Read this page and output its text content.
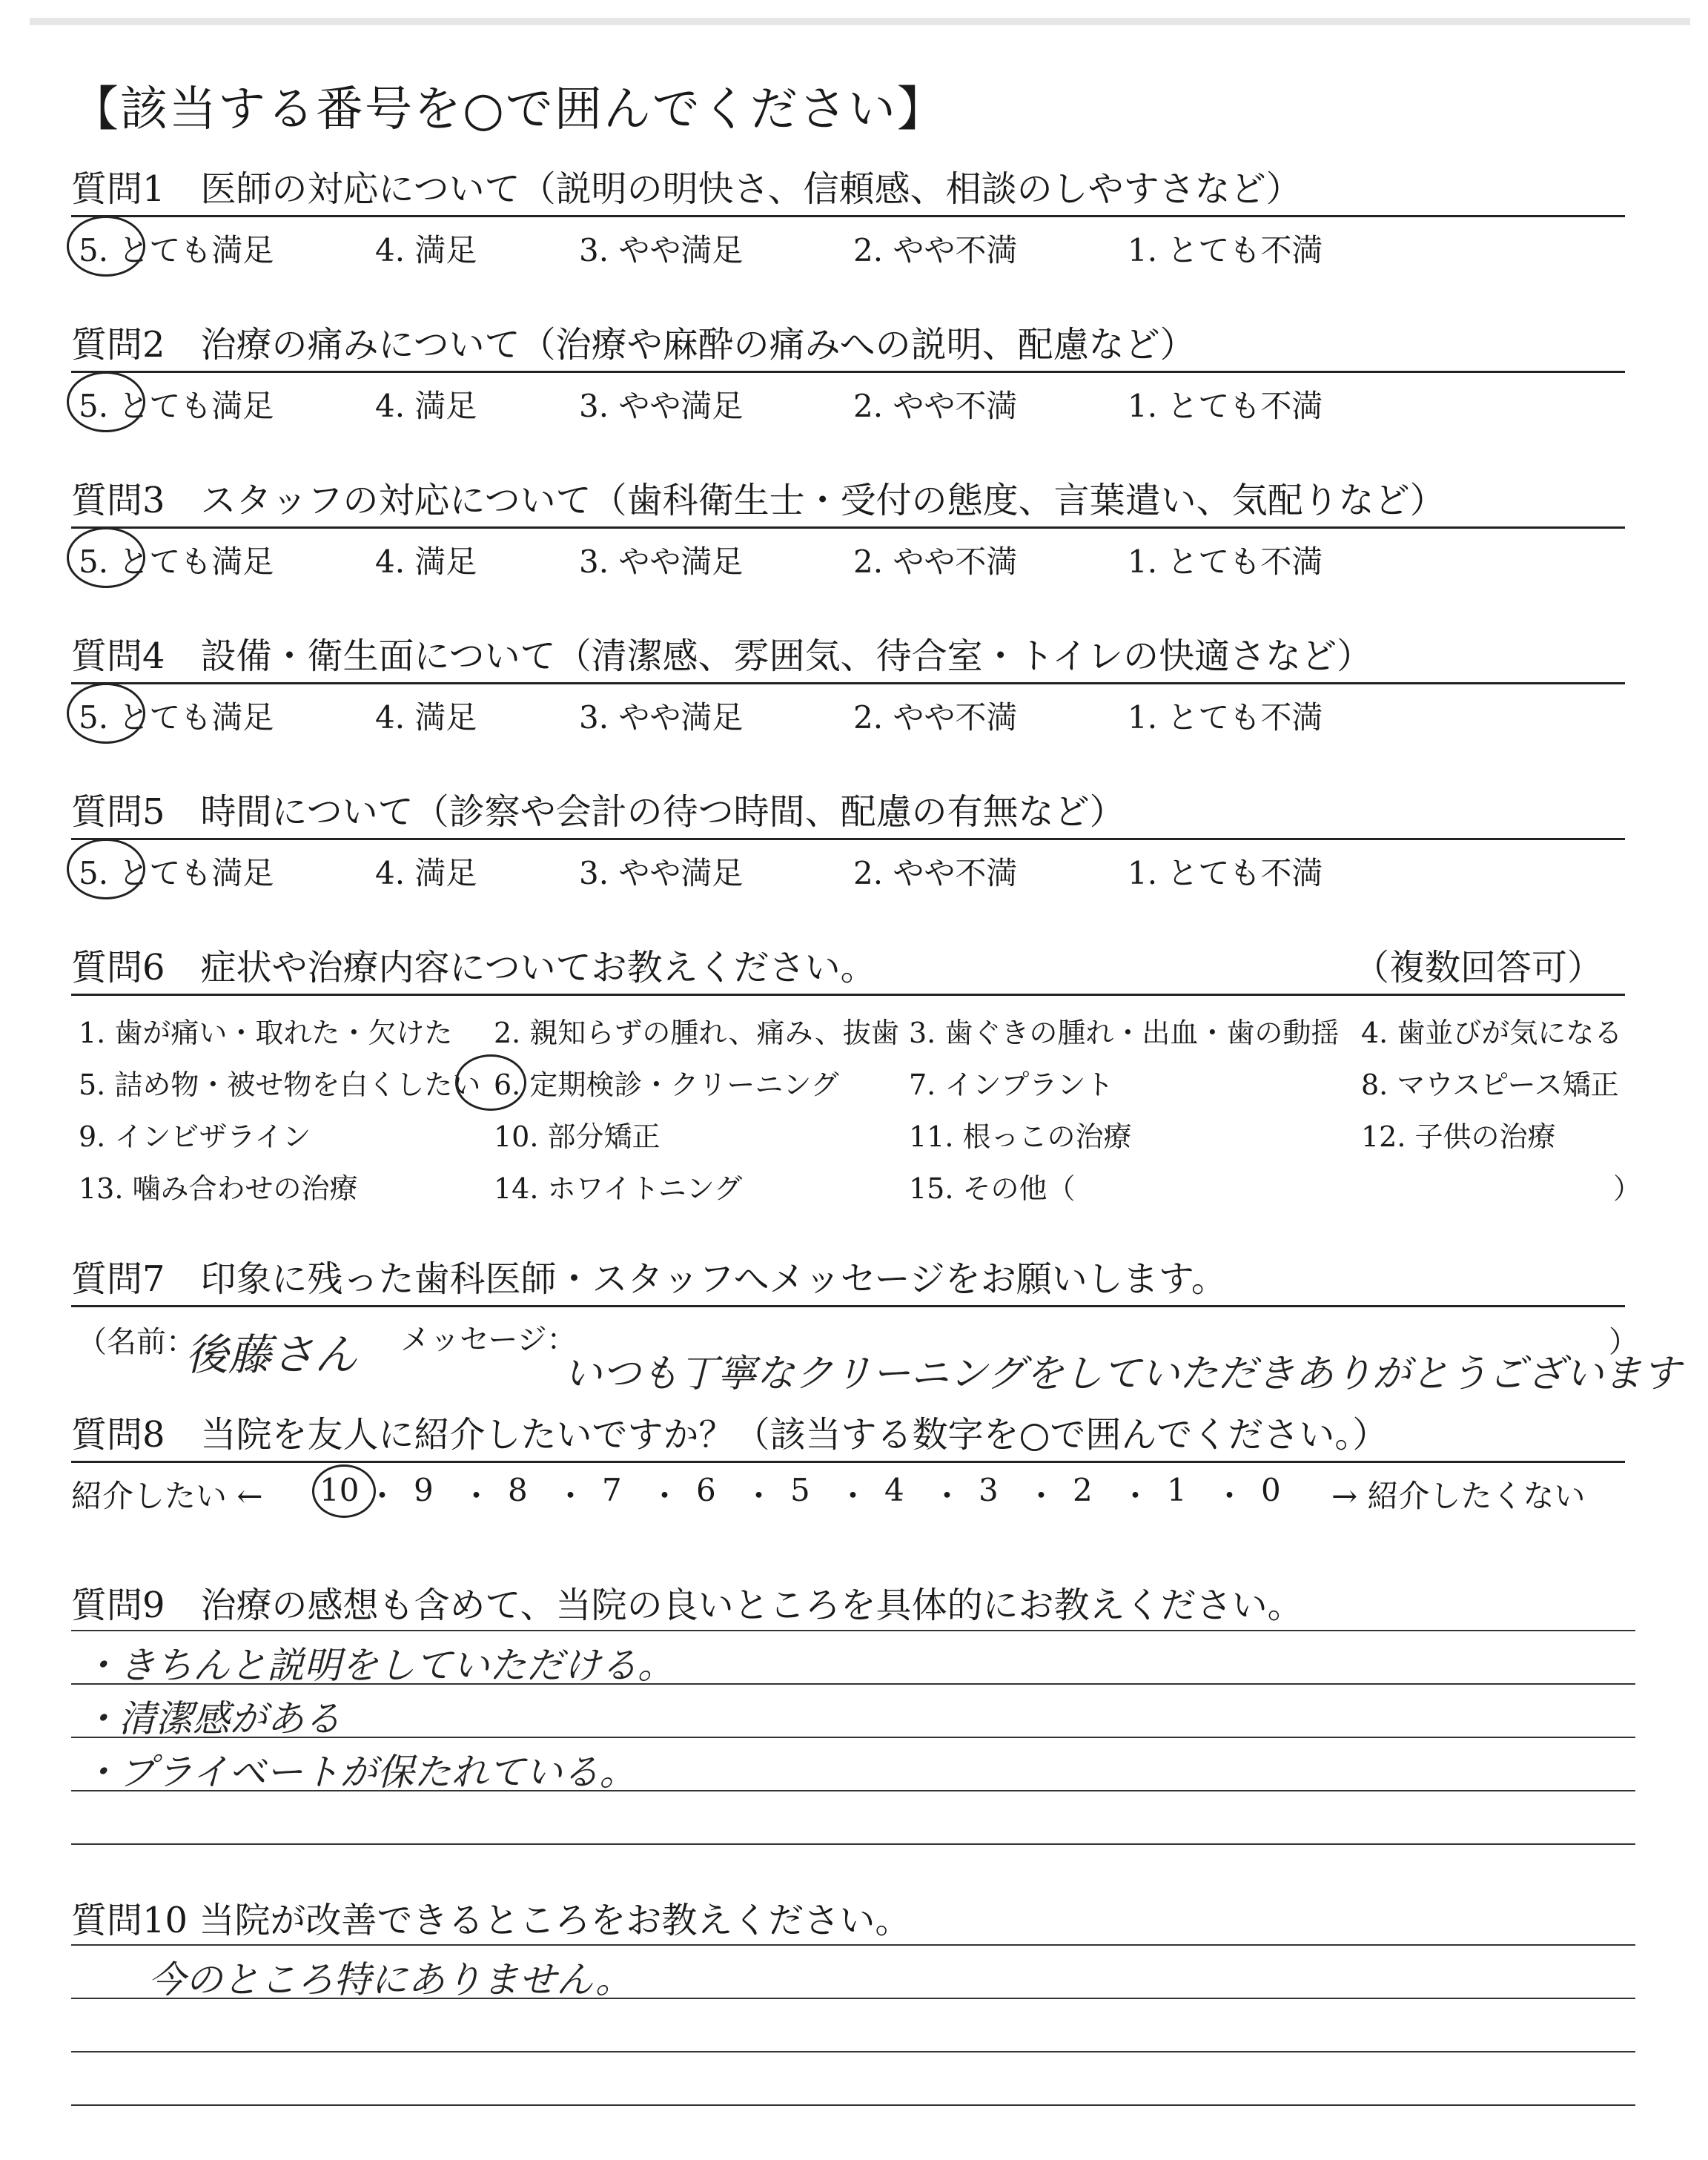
【該当する番号を○で囲んでください】
質問1　医師の対応について（説明の明快さ、信頼感、相談のしやすさなど）
5. とても満足	4. 満足	3. やや満足	2. やや不満	1. とても不満
質問2　治療の痛みについて（治療や麻酔の痛みへの説明、配慮など）
5. とても満足	4. 満足	3. やや満足	2. やや不満	1. とても不満
質問3　スタッフの対応について（歯科衛生士・受付の態度、言葉遣い、気配りなど）
5. とても満足	4. 満足	3. やや満足	2. やや不満	1. とても不満
質問4　設備・衛生面について（清潔感、雰囲気、待合室・トイレの快適さなど）
5. とても満足	4. 満足	3. やや満足	2. やや不満	1. とても不満
質問5　時間について（診察や会計の待つ時間、配慮の有無など）
5. とても満足	4. 満足	3. やや満足	2. やや不満	1. とても不満
質問6　症状や治療内容についてお教えください。	（複数回答可）
1. 歯が痛い・取れた・欠けた 2. 親知らずの腫れ、痛み、抜歯 3. 歯ぐきの腫れ・出血・歯の動揺 4. 歯並びが気になる
5. 詰め物・被せ物を白くしたい 6. 定期検診・クリーニング 7. インプラント	8. マウスピース矯正
9. インビザライン	10. 部分矯正	11. 根っこの治療	12. 子供の治療
13. 噛み合わせの治療	14. ホワイトニング	15. その他（	）
質問7　印象に残った歯科医師・スタッフへメッセージをお願いします。
（名前：
後藤さん メッセージ：
いつも丁寧なクリーニングをしていただきありがとうございます
）
質問8　当院を友人に紹介したいですか？（該当する数字を○で囲んでください。）
紹介したい ← 10 ・ 9 ・ 8 ・ 7 ・ 6 ・ 5 ・ 4 ・ 3 ・ 2 ・ 1 ・ 0 → 紹介したくない
質問9　治療の感想も含めて、当院の良いところを具体的にお教えください。
・きちんと説明をしていただける。
・清潔感がある
・プライベートが保たれている。
質問10 当院が改善できるところをお教えください。
今のところ特にありません。
